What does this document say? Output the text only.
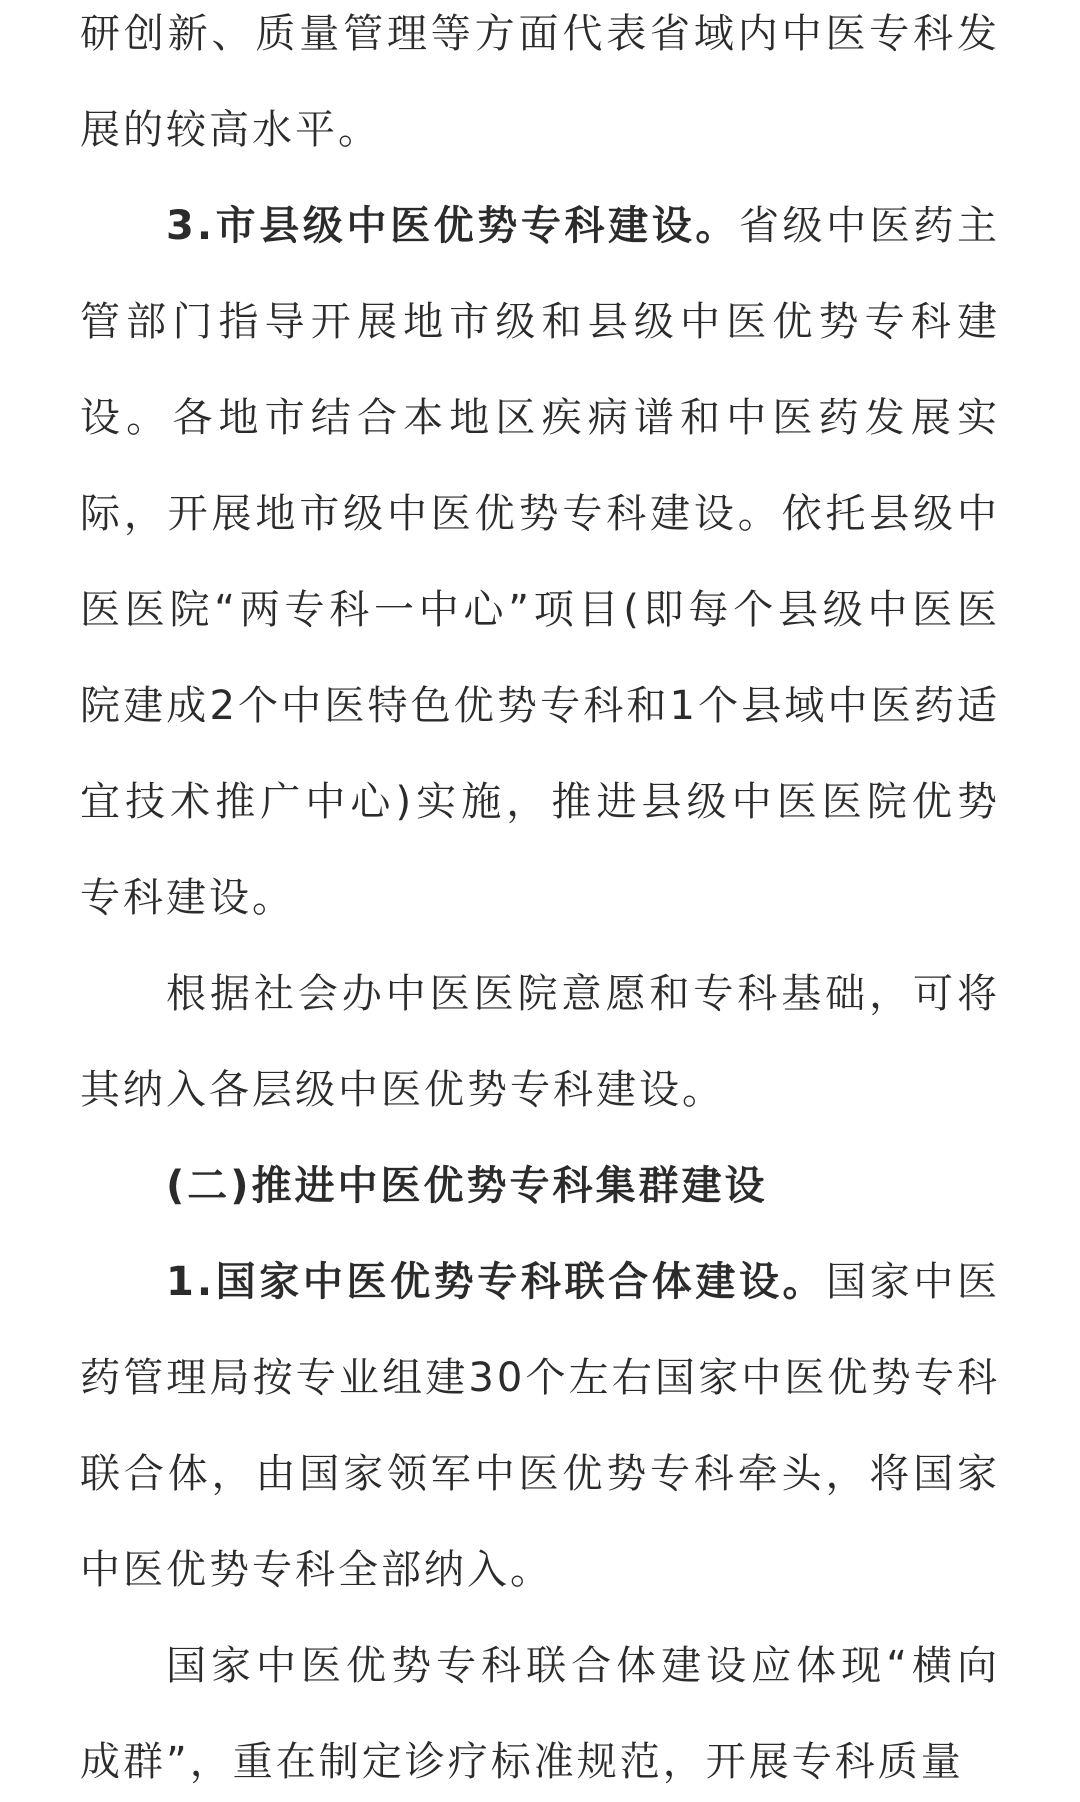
研创新、质量管理等方面代表省域内中医专科发展的较高水平。

3.市县级中医优势专科建设。省级中医药主管部门指导开展地市级和县级中医优势专科建设。各地市结合本地区疾病谱和中医药发展实际，开展地市级中医优势专科建设。依托县级中医医院“两专科一中心”项目(即每个县级中医医院建成2个中医特色优势专科和1个县域中医药适宜技术推广中心)实施，推进县级中医医院优势专科建设。

根据社会办中医医院意愿和专科基础，可将其纳入各层级中医优势专科建设。

(二)推进中医优势专科集群建设

1.国家中医优势专科联合体建设。国家中医药管理局按专业组建30个左右国家中医优势专科联合体，由国家领军中医优势专科牵头，将国家中医优势专科全部纳入。

国家中医优势专科联合体建设应体现“横向成群”，重在制定诊疗标准规范，开展专科质量
